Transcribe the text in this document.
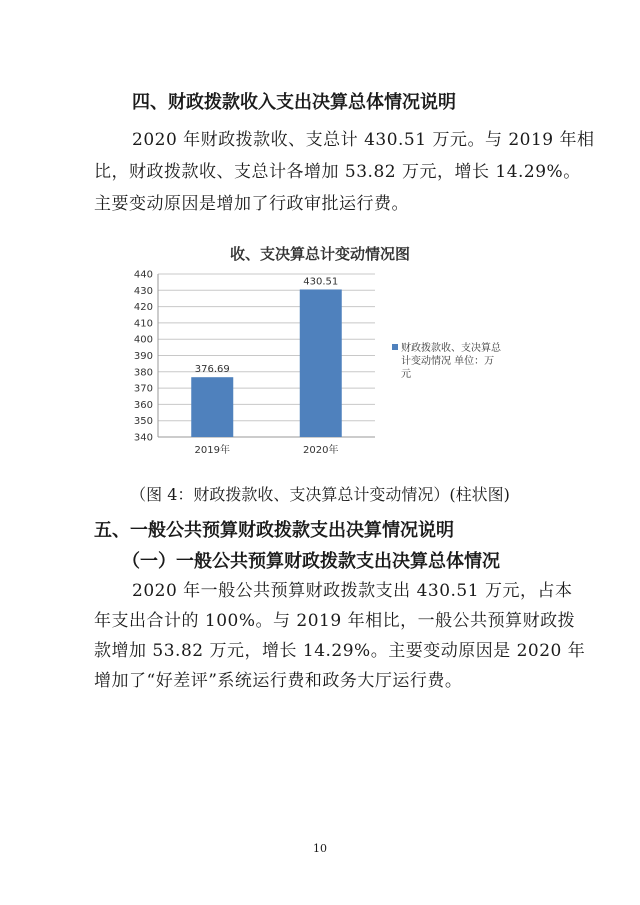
四、财政拨款收入支出决算总体情况说明
2020 年财政拨款收、支总计 430.51 万元。与 2019 年相
比，财政拨款收、支总计各增加 53.82 万元，增长 14.29%。
主要变动原因是增加了行政审批运行费。
收、支决算总计变动情况图
340
350
360
370
380
390
400
410
420
430
440
376.69
2019年
430.51
2020年
财政拨款收、支决算总
计变动情况 单位：万
元
（图 4：财政拨款收、支决算总计变动情况）(柱状图)
五、一般公共预算财政拨款支出决算情况说明
（一）一般公共预算财政拨款支出决算总体情况
2020 年一般公共预算财政拨款支出 430.51 万元，占本
年支出合计的 100%。与 2019 年相比，一般公共预算财政拨
款增加 53.82 万元，增长 14.29%。主要变动原因是 2020 年
增加了“好差评”系统运行费和政务大厅运行费。
10
